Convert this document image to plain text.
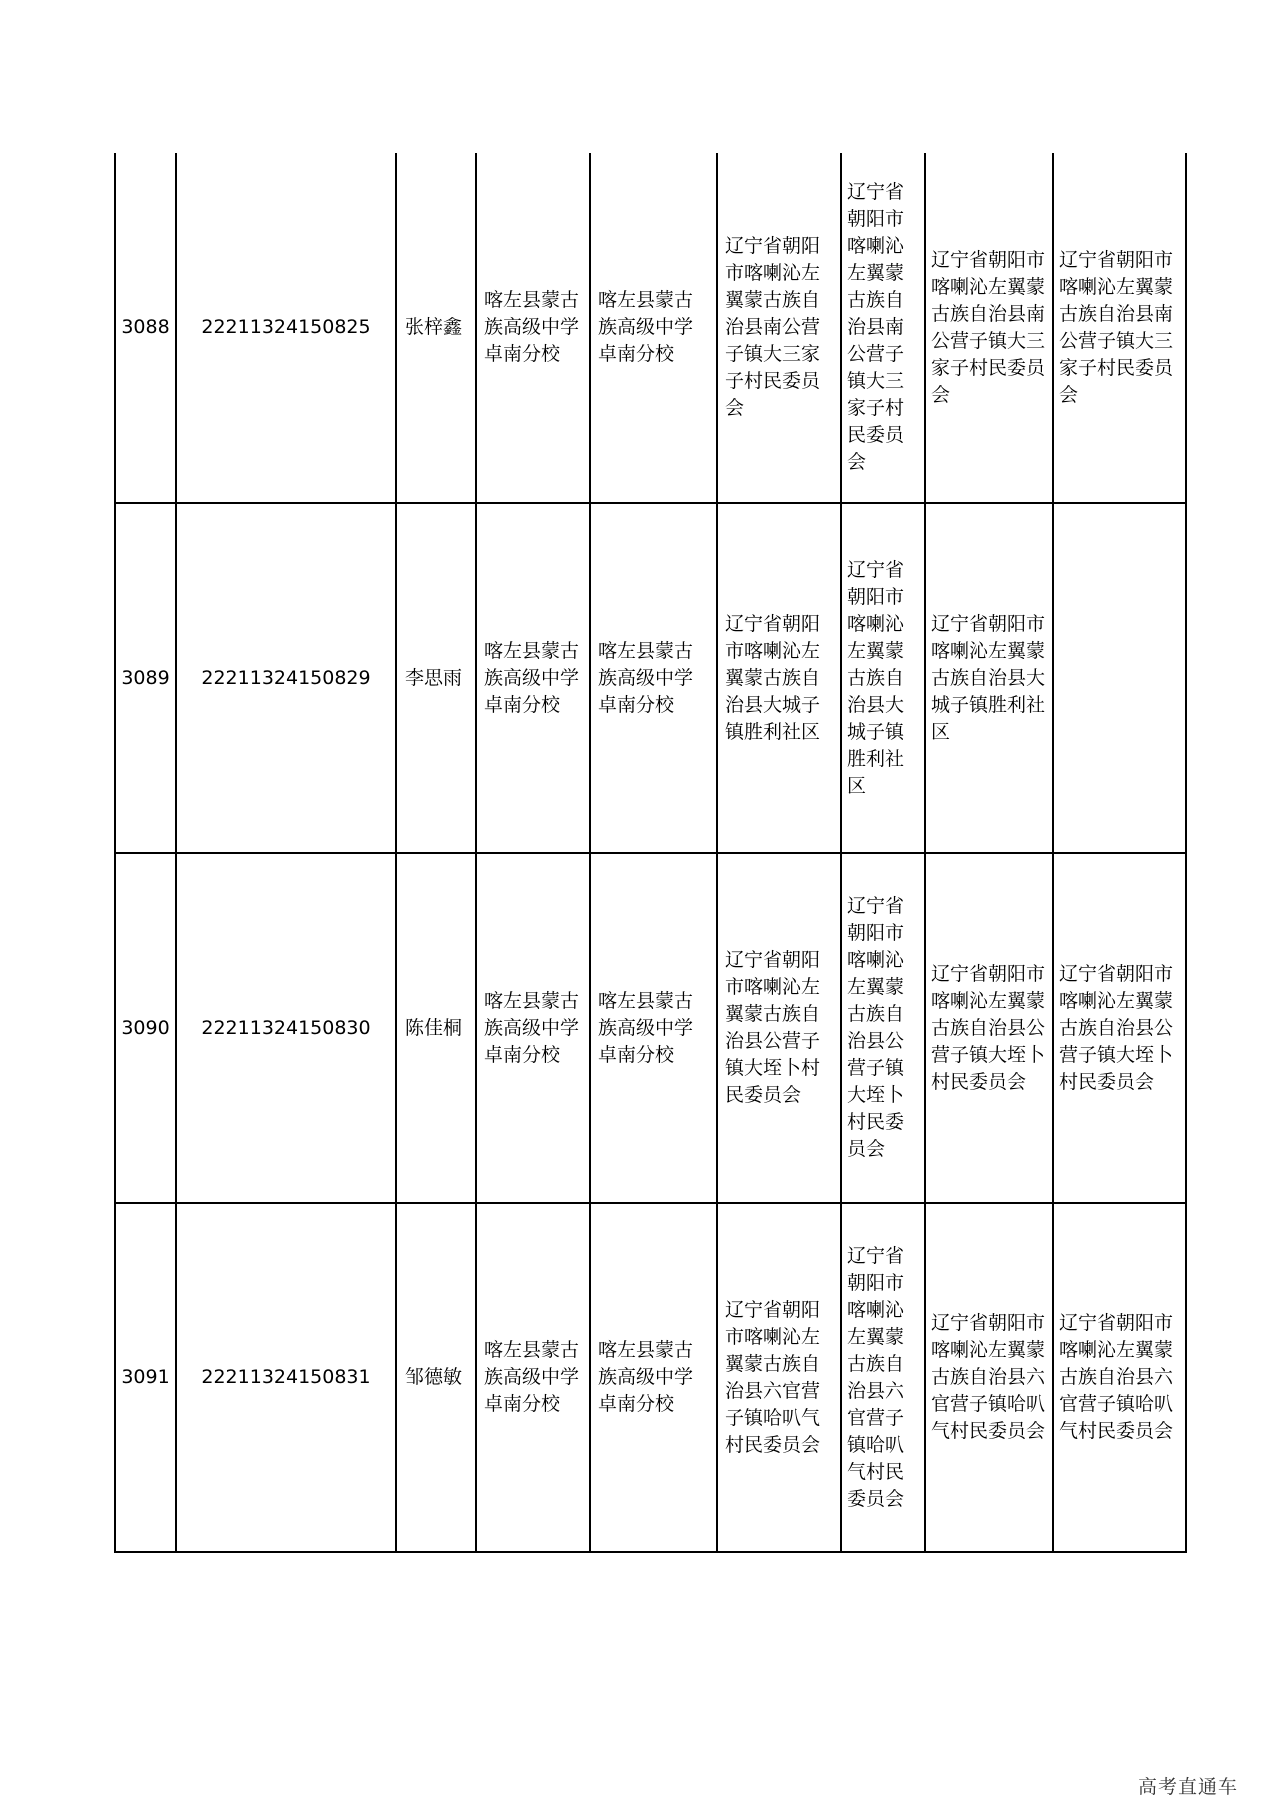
3088	22211324150825	张梓鑫	喀左县蒙古族高级中学卓南分校	喀左县蒙古族高级中学卓南分校	辽宁省朝阳市喀喇沁左翼蒙古族自治县南公营子镇大三家子村民委员会	辽宁省朝阳市喀喇沁左翼蒙古族自治县南公营子镇大三家子村民委员会	辽宁省朝阳市喀喇沁左翼蒙古族自治县南公营子镇大三家子村民委员会	辽宁省朝阳市喀喇沁左翼蒙古族自治县南公营子镇大三家子村民委员会
3089	22211324150829	李思雨	喀左县蒙古族高级中学卓南分校	喀左县蒙古族高级中学卓南分校	辽宁省朝阳市喀喇沁左翼蒙古族自治县大城子镇胜利社区	辽宁省朝阳市喀喇沁左翼蒙古族自治县大城子镇胜利社区	辽宁省朝阳市喀喇沁左翼蒙古族自治县大城子镇胜利社区	
3090	22211324150830	陈佳桐	喀左县蒙古族高级中学卓南分校	喀左县蒙古族高级中学卓南分校	辽宁省朝阳市喀喇沁左翼蒙古族自治县公营子镇大垤卜村民委员会	辽宁省朝阳市喀喇沁左翼蒙古族自治县公营子镇大垤卜村民委员会	辽宁省朝阳市喀喇沁左翼蒙古族自治县公营子镇大垤卜村民委员会	辽宁省朝阳市喀喇沁左翼蒙古族自治县公营子镇大垤卜村民委员会
3091	22211324150831	邹德敏	喀左县蒙古族高级中学卓南分校	喀左县蒙古族高级中学卓南分校	辽宁省朝阳市喀喇沁左翼蒙古族自治县六官营子镇哈叭气村民委员会	辽宁省朝阳市喀喇沁左翼蒙古族自治县六官营子镇哈叭气村民委员会	辽宁省朝阳市喀喇沁左翼蒙古族自治县六官营子镇哈叭气村民委员会	辽宁省朝阳市喀喇沁左翼蒙古族自治县六官营子镇哈叭气村民委员会
高考直通车
